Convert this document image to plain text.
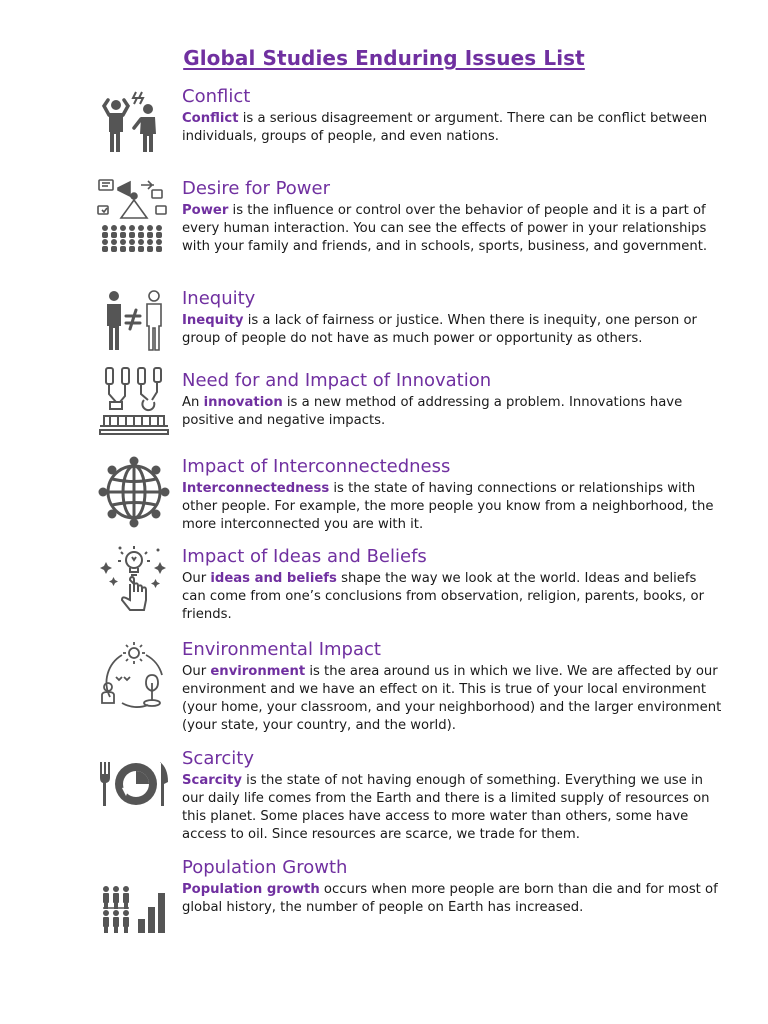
Global Studies Enduring Issues List
Conflict

Conflict is a serious disagreement or argument. There can be conflict between individuals, groups of people, and even nations.

Desire for Power

Power is the influence or control over the behavior of people and it is a part of every human interaction. You can see the effects of power in your relationships with your family and friends, and in schools, sports, business, and government.

Inequity

Inequity is a lack of fairness or justice. When there is inequity, one person or group of people do not have as much power or opportunity as others.

Need for and Impact of Innovation

An innovation is a new method of addressing a problem. Innovations have positive and negative impacts.

Impact of Interconnectedness

Interconnectedness is the state of having connections or relationships with other people. For example, the more people you know from a neighborhood, the more interconnected you are with it.

Impact of Ideas and Beliefs

Our ideas and beliefs shape the way we look at the world. Ideas and beliefs can come from one’s conclusions from observation, religion, parents, books, or friends.

Environmental Impact

Our environment is the area around us in which we live. We are affected by our environment and we have an effect on it. This is true of your local environment (your home, your classroom, and your neighborhood) and the larger environment (your state, your country, and the world).

Scarcity

Scarcity is the state of not having enough of something. Everything we use in our daily life comes from the Earth and there is a limited supply of resources on this planet. Some places have access to more water than others, some have access to oil. Since resources are scarce, we trade for them.

Population Growth

Population growth occurs when more people are born than die and for most of global history, the number of people on Earth has increased.
